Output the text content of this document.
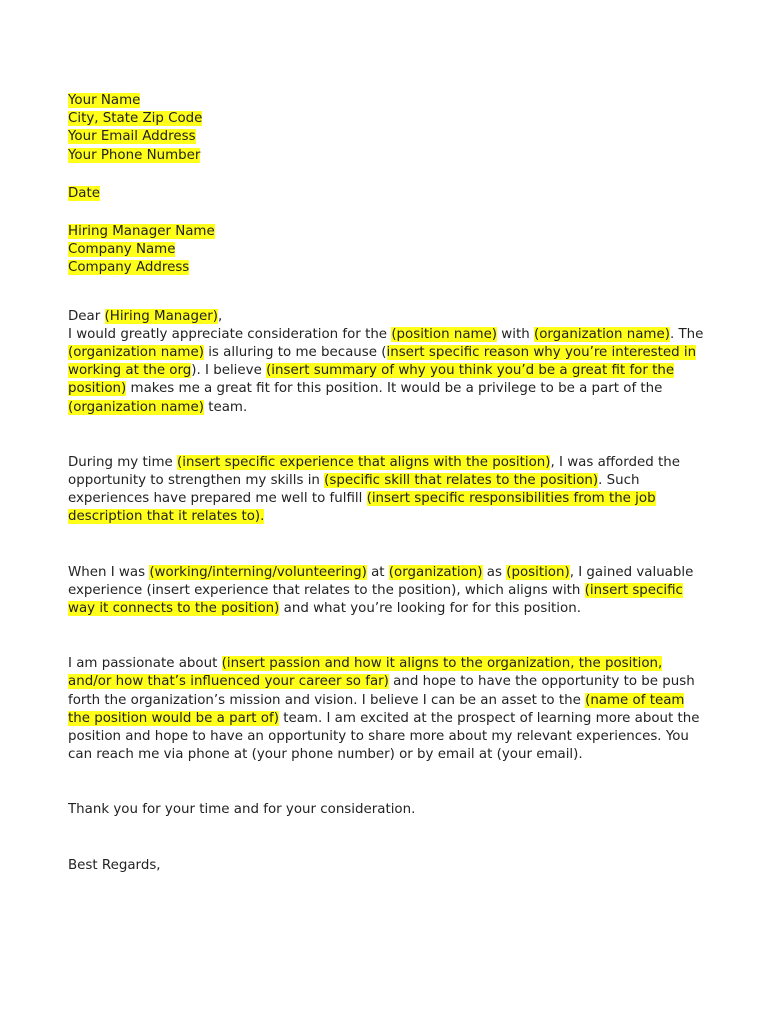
Your Name
City, State Zip Code
Your Email Address
Your Phone Number
Date
Hiring Manager Name
Company Name
Company Address
Dear (Hiring Manager),

I would greatly appreciate consideration for the (position name) with (organization name). The (organization name) is alluring to me because (insert specific reason why you’re interested in working at the org). I believe (insert summary of why you think you’d be a great fit for the position) makes me a great fit for this position. It would be a privilege to be a part of the (organization name) team.

During my time (insert specific experience that aligns with the position), I was afforded the opportunity to strengthen my skills in (specific skill that relates to the position). Such experiences have prepared me well to fulfill (insert specific responsibilities from the job description that it relates to).

When I was (working/interning/volunteering) at (organization) as (position), I gained valuable experience (insert experience that relates to the position), which aligns with (insert specific way it connects to the position) and what you’re looking for for this position.

I am passionate about (insert passion and how it aligns to the organization, the position, and/or how that’s influenced your career so far) and hope to have the opportunity to be push forth the organization’s mission and vision. I believe I can be an asset to the (name of team the position would be a part of) team. I am excited at the prospect of learning more about the position and hope to have an opportunity to share more about my relevant experiences. You can reach me via phone at (your phone number) or by email at (your email).

Thank you for your time and for your consideration.
Best Regards,
